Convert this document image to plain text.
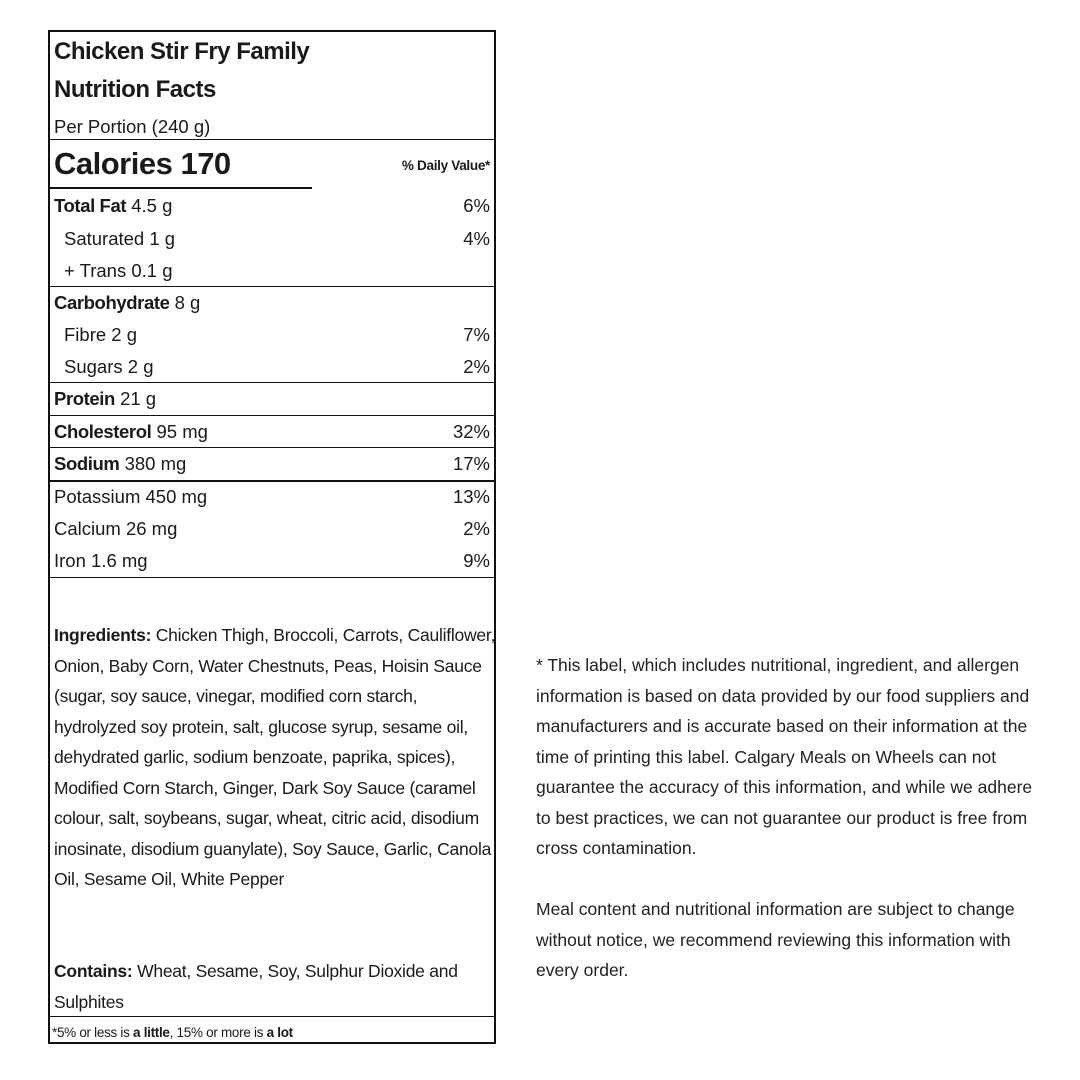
Chicken Stir Fry Family
Nutrition Facts
Per Portion (240 g)
Calories 170	% Daily Value*
Total Fat 4.5 g	6%
Saturated 1 g	4%
+ Trans 0.1 g
Carbohydrate 8 g
Fibre 2 g	7%
Sugars 2 g	2%
Protein 21 g
Cholesterol 95 mg	32%
Sodium 380 mg	17%
Potassium 450 mg	13%
Calcium 26 mg	2%
Iron 1.6 mg	9%
Ingredients: Chicken Thigh, Broccoli, Carrots, Cauliflower, Onion, Baby Corn, Water Chestnuts, Peas, Hoisin Sauce (sugar, soy sauce, vinegar, modified corn starch, hydrolyzed soy protein, salt, glucose syrup, sesame oil, dehydrated garlic, sodium benzoate, paprika, spices), Modified Corn Starch, Ginger, Dark Soy Sauce (caramel colour, salt, soybeans, sugar, wheat, citric acid, disodium inosinate, disodium guanylate), Soy Sauce, Garlic, Canola Oil, Sesame Oil, White Pepper
Contains: Wheat, Sesame, Soy, Sulphur Dioxide and Sulphites
*5% or less is a little, 15% or more is a lot

* This label, which includes nutritional, ingredient, and allergen information is based on data provided by our food suppliers and manufacturers and is accurate based on their information at the time of printing this label. Calgary Meals on Wheels can not guarantee the accuracy of this information, and while we adhere to best practices, we can not guarantee our product is free from cross contamination.

Meal content and nutritional information are subject to change without notice, we recommend reviewing this information with every order.
